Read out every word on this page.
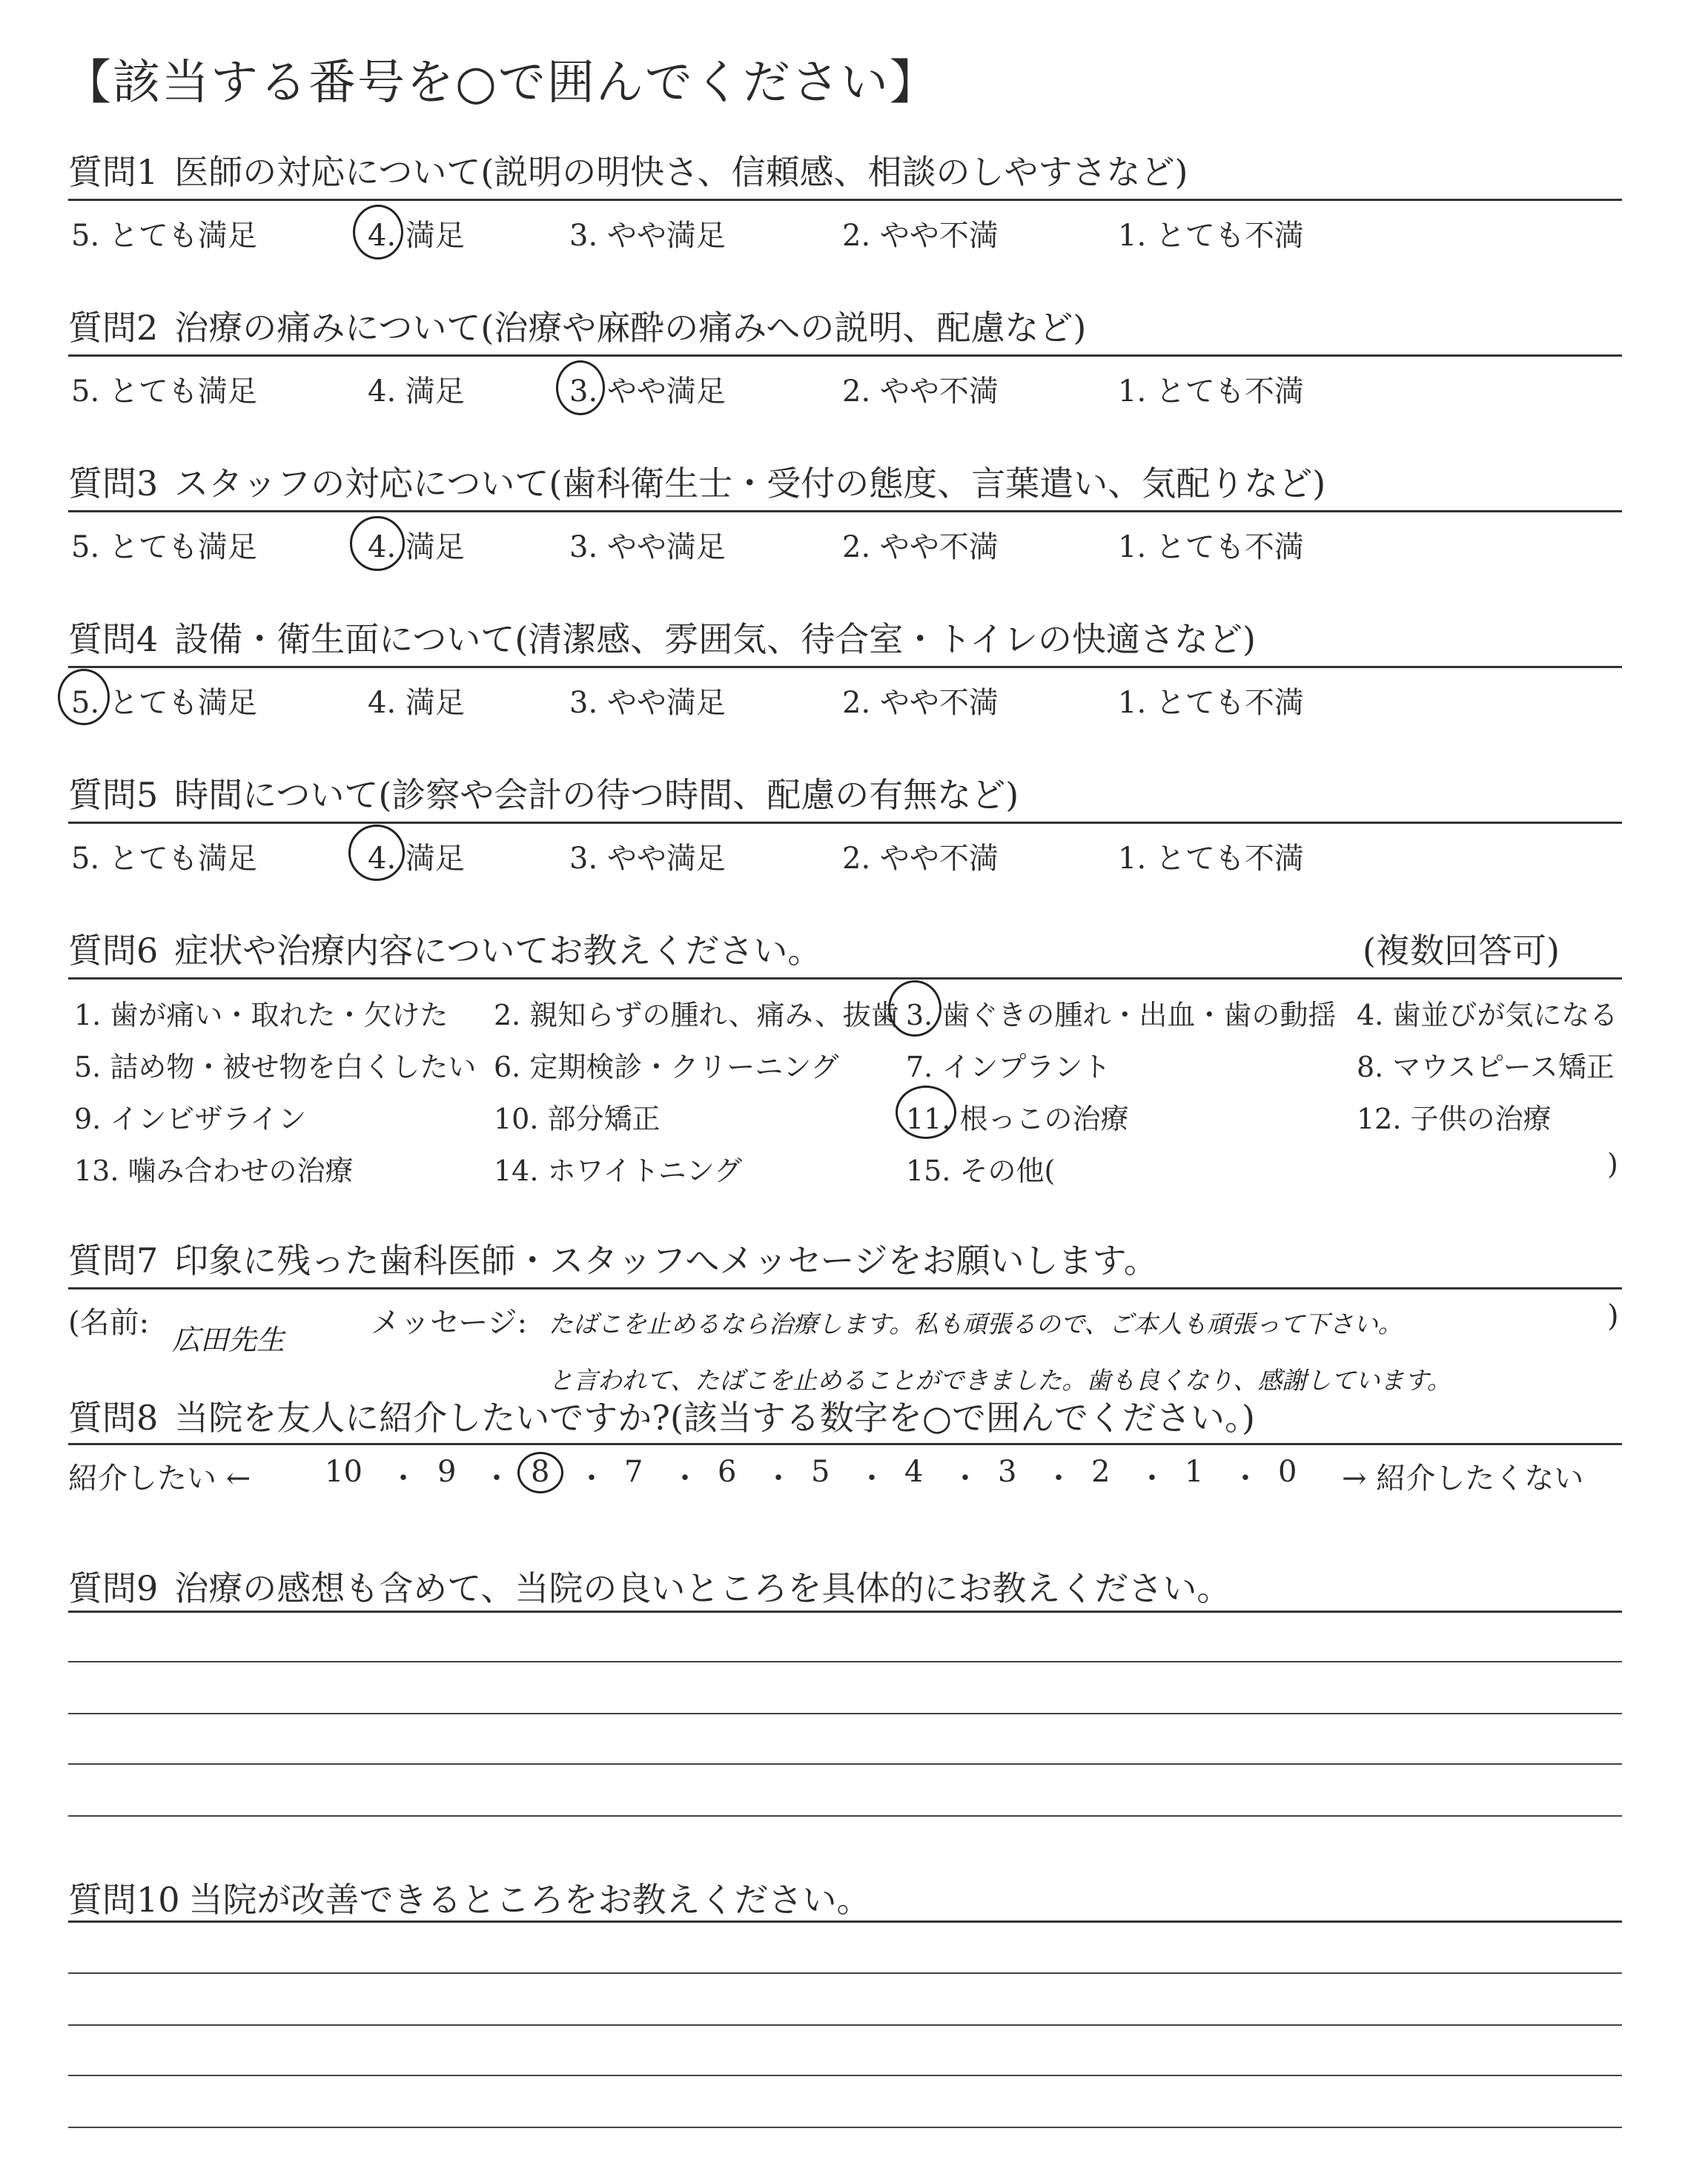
【該当する番号を○で囲んでください】
質問1 医師の対応について(説明の明快さ、信頼感、相談のしやすさなど)
5. とても満足	4. 満足	3. やや満足	2. やや不満	1. とても不満
質問2 治療の痛みについて(治療や麻酔の痛みへの説明、配慮など)
5. とても満足	4. 満足	3. やや満足	2. やや不満	1. とても不満
質問3 スタッフの対応について(歯科衛生士・受付の態度、言葉遣い、気配りなど)
5. とても満足	4. 満足	3. やや満足	2. やや不満	1. とても不満
質問4 設備・衛生面について(清潔感、雰囲気、待合室・トイレの快適さなど)
5. とても満足	4. 満足	3. やや満足	2. やや不満	1. とても不満
質問5 時間について(診察や会計の待つ時間、配慮の有無など)
5. とても満足	4. 満足	3. やや満足	2. やや不満	1. とても不満
質問6 症状や治療内容についてお教えください。	(複数回答可)
1. 歯が痛い・取れた・欠けた 2. 親知らずの腫れ、痛み、抜歯 3. 歯ぐきの腫れ・出血・歯の動揺 4. 歯並びが気になる
5. 詰め物・被せ物を白くしたい 6. 定期検診・クリーニング 7. インプラント	8. マウスピース矯正
9. インビザライン	10. 部分矯正	11. 根っこの治療	12. 子供の治療
13. 噛み合わせの治療	14. ホワイトニング	15. その他(	)
質問7 印象に残った歯科医師・スタッフへメッセージをお願いします。
(名前: 広田先生	メッセージ: たばこを止めるなら治療します。私も頑張るので、ご本人も頑張って下さい。
と言われて、たばこを止めることができました。歯も良くなり、感謝しています。
)
質問8 当院を友人に紹介したいですか?(該当する数字を○で囲んでください。)
紹介したい ←	→ 紹介したくない
10 ・ 9 ・ 8 ・ 7 ・ 6 ・ 5 ・ 4 ・ 3 ・ 2 ・ 1 ・ 0
質問9 治療の感想も含めて、当院の良いところを具体的にお教えください。
質問10 当院が改善できるところをお教えください。
